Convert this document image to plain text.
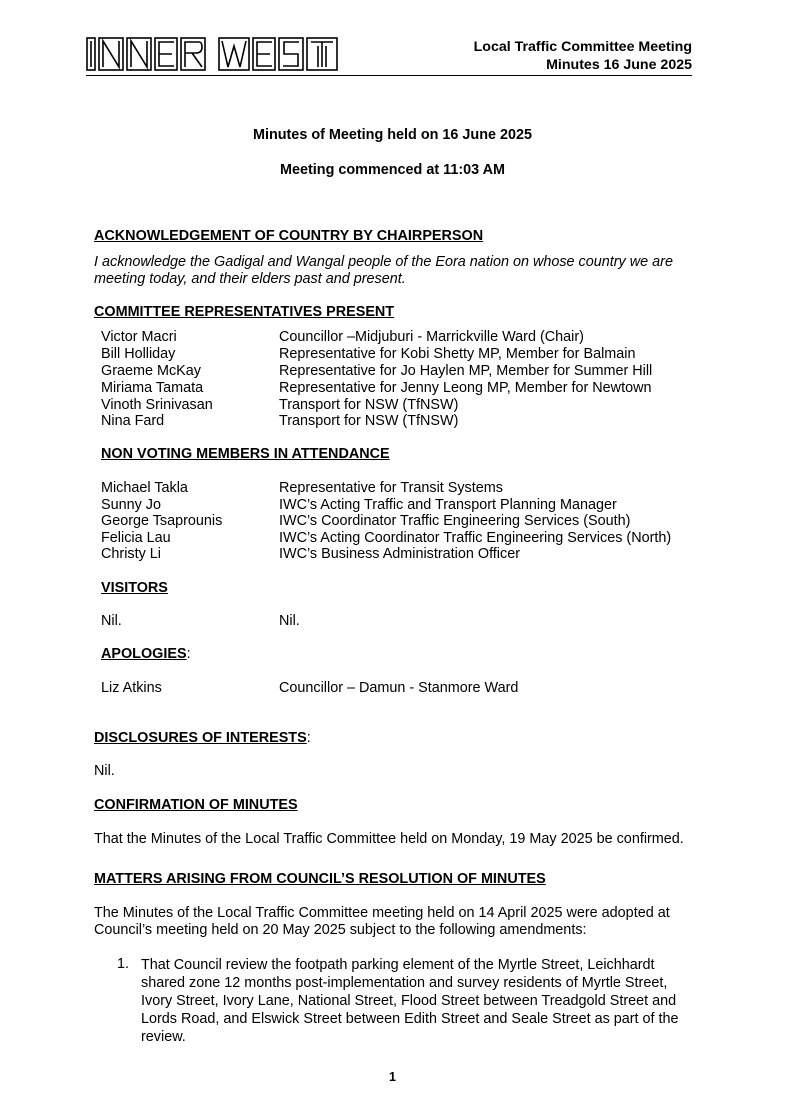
Local Traffic Committee Meeting
Minutes 16 June 2025
Minutes of Meeting held on 16 June 2025
Meeting commenced at 11:03 AM
ACKNOWLEDGEMENT OF COUNTRY BY CHAIRPERSON
I acknowledge the Gadigal and Wangal people of the Eora nation on whose country we are
meeting today, and their elders past and present.
COMMITTEE REPRESENTATIVES PRESENT
Victor Macri	Councillor –Midjuburi - Marrickville Ward (Chair)
Bill Holliday	Representative for Kobi Shetty MP, Member for Balmain
Graeme McKay	Representative for Jo Haylen MP, Member for Summer Hill
Miriama Tamata	Representative for Jenny Leong MP, Member for Newtown
Vinoth Srinivasan	Transport for NSW (TfNSW)
Nina Fard	Transport for NSW (TfNSW)
NON VOTING MEMBERS IN ATTENDANCE
Michael Takla	Representative for Transit Systems
Sunny Jo	IWC’s Acting Traffic and Transport Planning Manager
George Tsaprounis	IWC’s Coordinator Traffic Engineering Services (South)
Felicia Lau	IWC’s Acting Coordinator Traffic Engineering Services (North)
Christy Li	IWC’s Business Administration Officer
VISITORS
Nil.	Nil.
APOLOGIES:
Liz Atkins	Councillor – Damun - Stanmore Ward
DISCLOSURES OF INTERESTS:
Nil.
CONFIRMATION OF MINUTES
That the Minutes of the Local Traffic Committee held on Monday, 19 May 2025 be confirmed.
MATTERS ARISING FROM COUNCIL’S RESOLUTION OF MINUTES
The Minutes of the Local Traffic Committee meeting held on 14 April 2025 were adopted at
Council’s meeting held on 20 May 2025 subject to the following amendments:
1. That Council review the footpath parking element of the Myrtle Street, Leichhardt
shared zone 12 months post-implementation and survey residents of Myrtle Street,
Ivory Street, Ivory Lane, National Street, Flood Street between Treadgold Street and
Lords Road, and Elswick Street between Edith Street and Seale Street as part of the
review.
1
